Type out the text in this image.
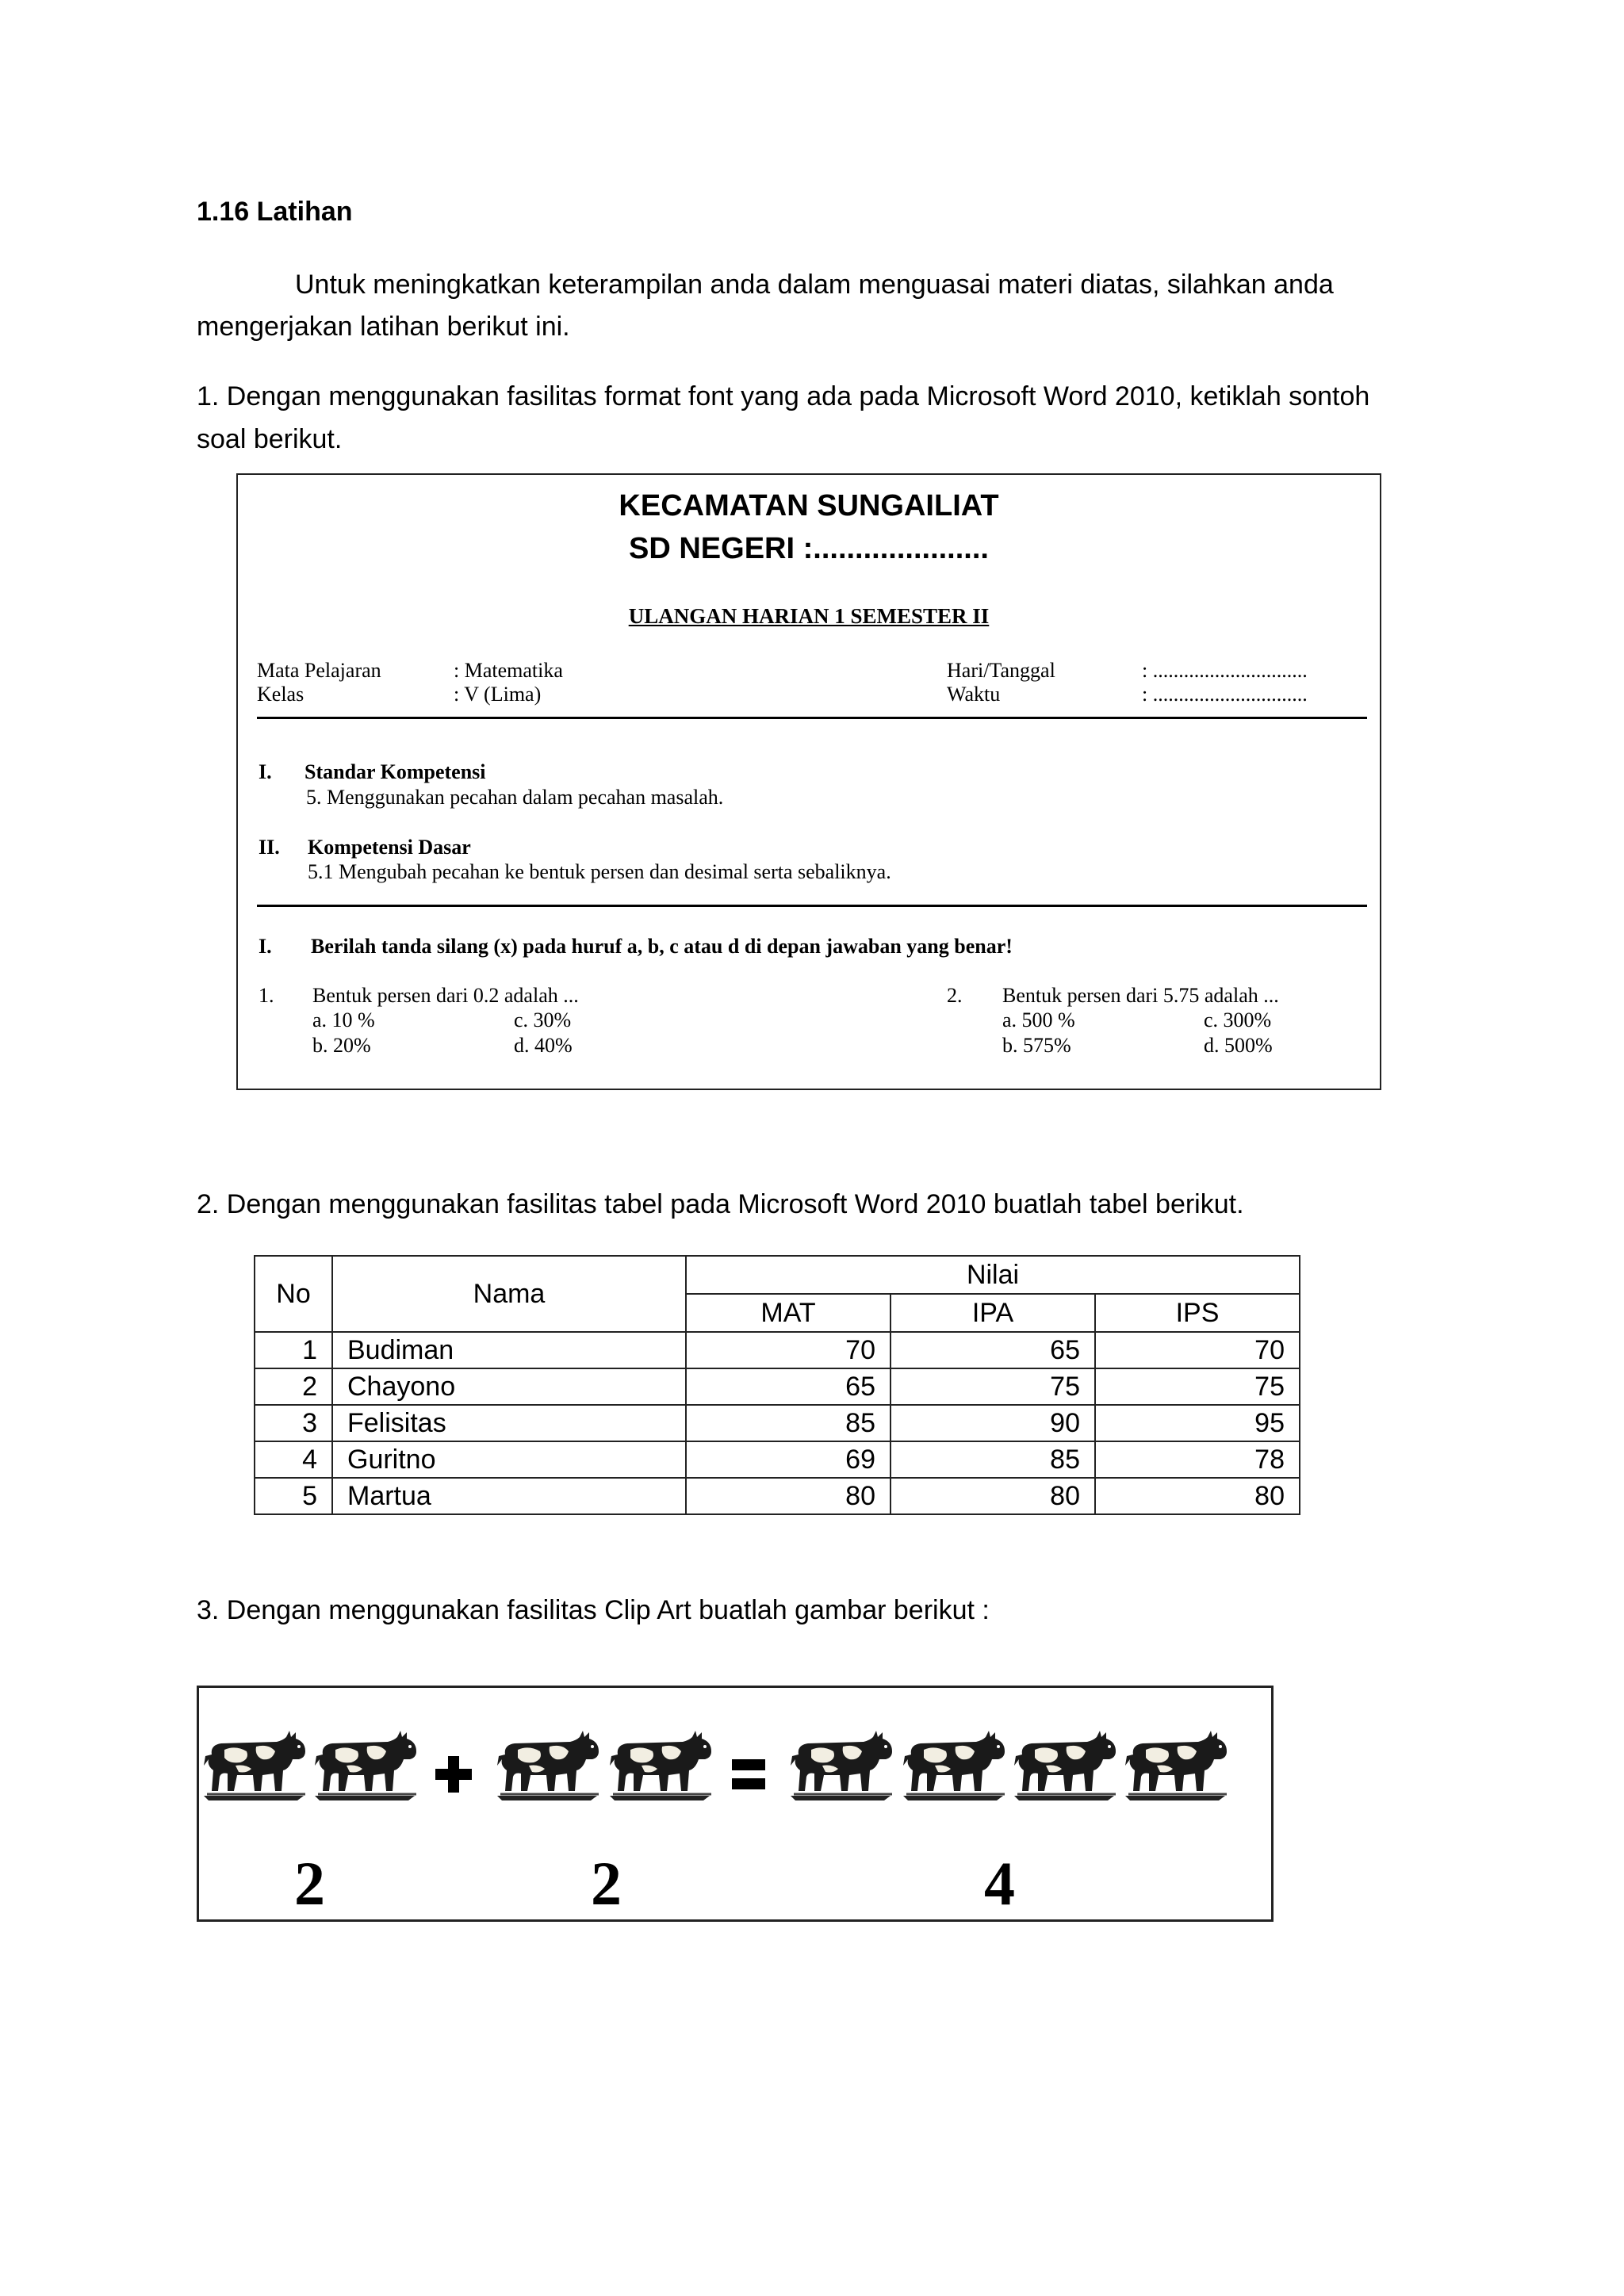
1.16 Latihan
Untuk meningkatkan keterampilan anda dalam menguasai materi diatas, silahkan anda
mengerjakan latihan berikut ini.
1. Dengan menggunakan fasilitas format font yang ada pada Microsoft Word 2010, ketiklah sontoh
soal berikut.
KECAMATAN SUNGAILIAT
SD NEGERI :.....................
ULANGAN HARIAN 1 SEMESTER II
Mata Pelajaran	: Matematika
Kelas	: V (Lima)
Hari/Tanggal	: ..............................
Waktu	: ..............................
I. Standar Kompetensi
5. Menggunakan pecahan dalam pecahan masalah.
II. Kompetensi Dasar
5.1 Mengubah pecahan ke bentuk persen dan desimal serta sebaliknya.
I. Berilah tanda silang (x) pada huruf a, b, c atau d di depan jawaban yang benar!
1. Bentuk persen dari 0.2 adalah ...
a. 10 %	c. 30%
b. 20%	d. 40%
2. Bentuk persen dari 5.75 adalah ...
a. 500 %	c. 300%
b. 575%	d. 500%
2. Dengan menggunakan fasilitas tabel pada Microsoft Word 2010 buatlah tabel berikut.
No	Nama	Nilai		
		MAT	IPA	IPS
1	Budiman	70	65	70
2	Chayono	65	75	75
3	Felisitas	85	90	95
4	Guritno	69	85	78
5	Martua	80	80	80
3. Dengan menggunakan fasilitas Clip Art buatlah gambar berikut :
2	2	4
